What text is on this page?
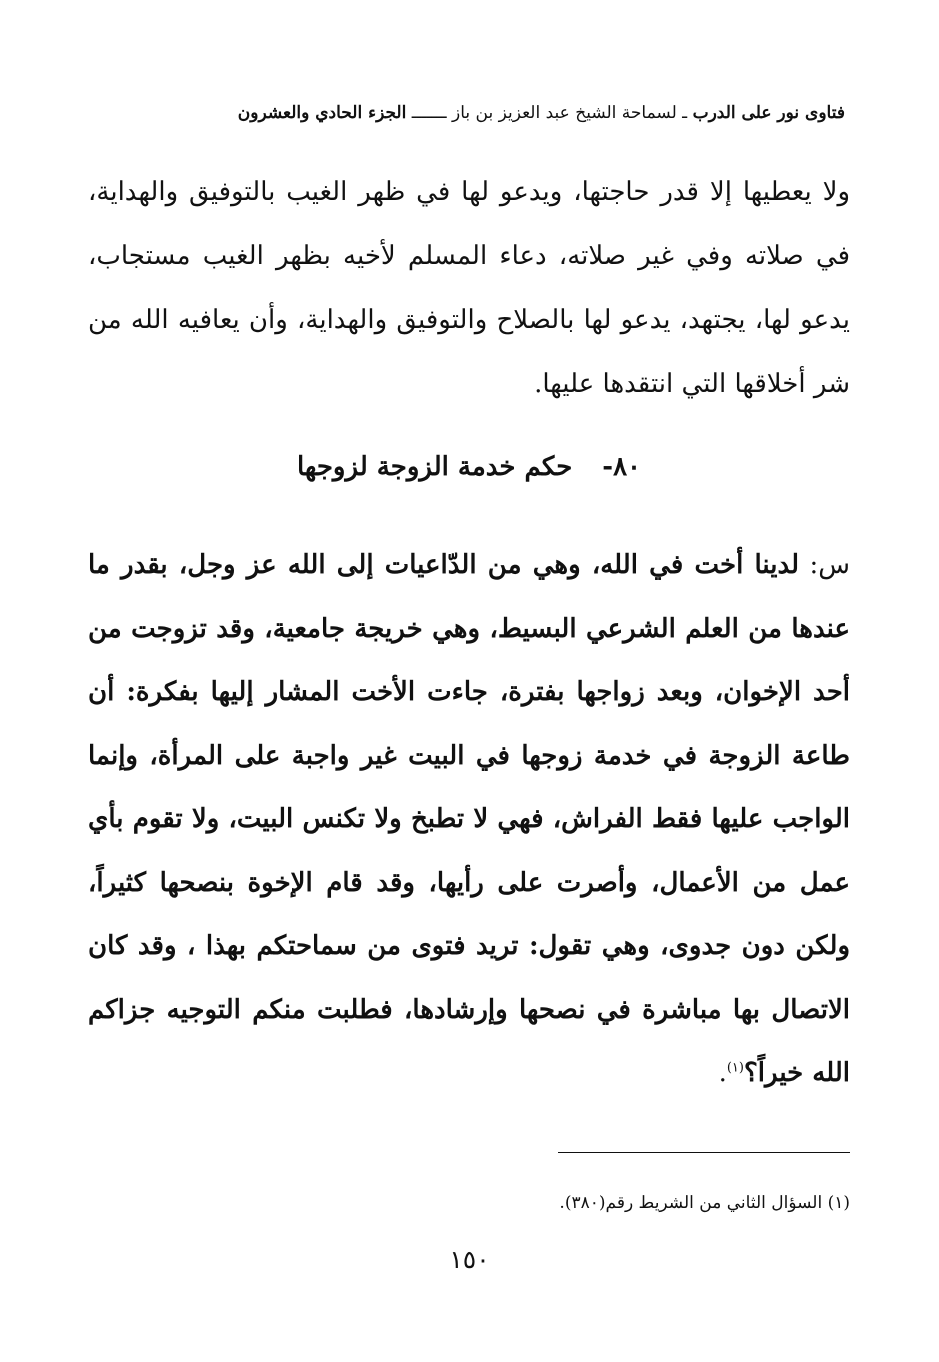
فتاوى نور على الدرب ـ لسماحة الشيخ عبد العزيز بن باز ـــــــ الجزء الحادي والعشرون

ولا يعطيها إلا قدر حاجتها، ويدعو لها في ظهر الغيب بالتوفيق والهداية، في صلاته وفي غير صلاته، دعاء المسلم لأخيه بظهر الغيب مستجاب، يدعو لها، يجتهد، يدعو لها بالصلاح والتوفيق والهداية، وأن يعافيه الله من شر أخلاقها التي انتقدها عليها.

٨٠-حكم خدمة الزوجة لزوجها

س: لدينا أخت في الله، وهي من الدّاعيات إلى الله عز وجل، بقدر ما عندها من العلم الشرعي البسيط، وهي خريجة جامعية، وقد تزوجت من أحد الإخوان، وبعد زواجها بفترة، جاءت الأخت المشار إليها بفكرة: أن طاعة الزوجة في خدمة زوجها في البيت غير واجبة على المرأة، وإنما الواجب عليها فقط الفراش، فهي لا تطبخ ولا تكنس البيت، ولا تقوم بأي عمل من الأعمال، وأصرت على رأيها، وقد قام الإخوة بنصحها كثيراً، ولكن دون جدوى، وهي تقول: تريد فتوى من سماحتكم بهذا ، وقد كان الاتصال بها مباشرة في نصحها وإرشادها، فطلبت منكم التوجيه جزاكم الله خيراً؟$^{(١)}$.

(١) السؤال الثاني من الشريط رقم(٣٨٠).
١٥٠
